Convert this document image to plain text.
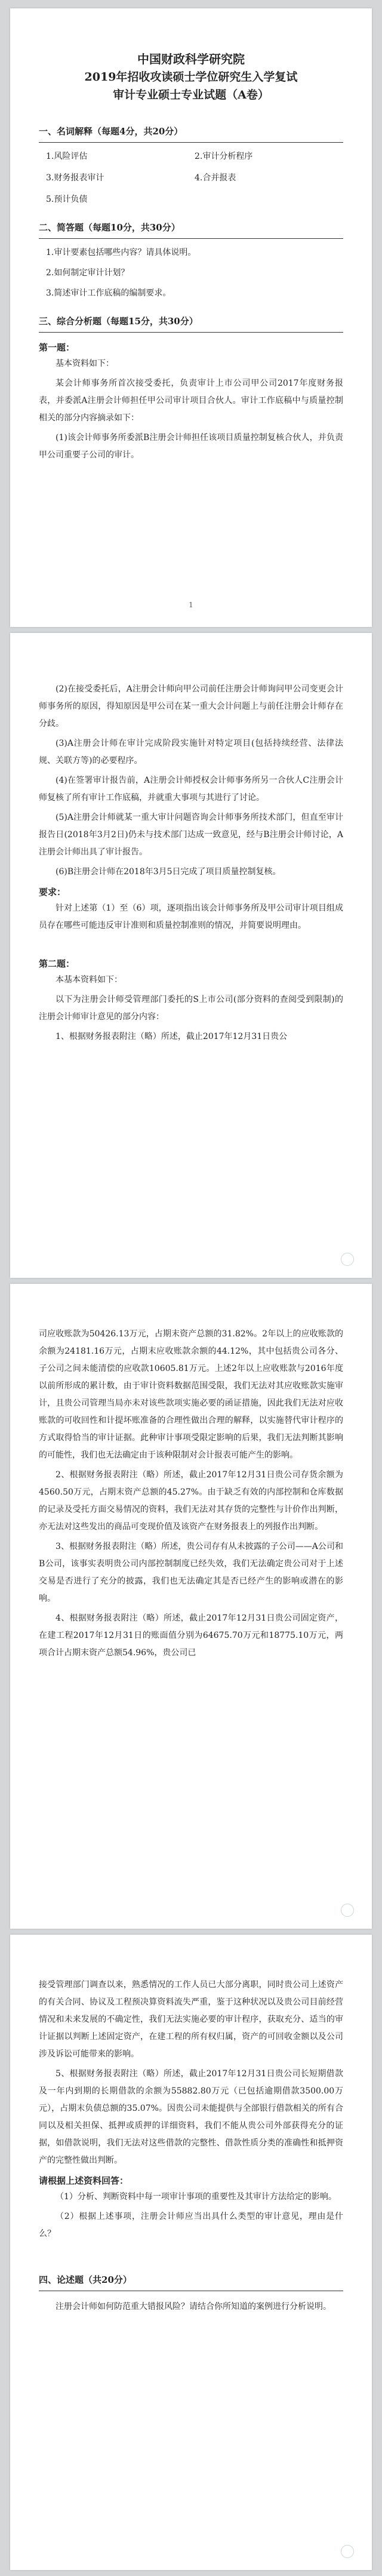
中国财政科学研究院
2019年招收攻读硕士学位研究生入学复试
审计专业硕士专业试题（A卷）
一、名词解释（每题4分，共20分）
1.风险评估	2.审计分析程序
3.财务报表审计	4.合并报表
5.预计负债
二、简答题（每题10分，共30分）
1.审计要素包括哪些内容？请具体说明。
2.如何制定审计计划？
3.简述审计工作底稿的编制要求。
三、综合分析题（每题15分，共30分）
第一题：

基本资料如下：

某会计师事务所首次接受委托，负责审计上市公司甲公司2017年度财务报表，并委派A注册会计师担任甲公司审计项目合伙人。审计工作底稿中与质量控制相关的部分内容摘录如下：

(1)该会计师事务所委派B注册会计师担任该项目质量控制复核合伙人，并负责甲公司重要子公司的审计。

1

(2)在接受委托后，A注册会计师向甲公司前任注册会计师询问甲公司变更会计师事务所的原因，得知原因是甲公司在某一重大会计问题上与前任注册会计师存在分歧。

(3)A注册会计师在审计完成阶段实施针对特定项目(包括持续经营、法律法规、关联方等)的必要程序。

(4)在签署审计报告前，A注册会计师授权会计师事务所另一合伙人C注册会计师复核了所有审计工作底稿，并就重大事项与其进行了讨论。

(5)A注册会计师就某一重大审计问题咨询会计师事务所技术部门，但直至审计报告日(2018年3月2日)仍未与技术部门达成一致意见，经与B注册会计师讨论，A注册会计师出具了审计报告。

(6)B注册会计师在2018年3月5日完成了项目质量控制复核。

要求：

针对上述第（1）至（6）项，逐项指出该会计师事务所及甲公司审计项目组成员存在哪些可能违反审计准则和质量控制准则的情况，并简要说明理由。

第二题：

本基本资料如下：

以下为注册会计师受管理部门委托的S上市公司(部分资料的查阅受到限制)的注册会计师审计意见的部分内容：

1、根据财务报表附注（略）所述，截止2017年12月31日贵公

司应收账款为50426.13万元，占期末资产总额的31.82%。2年以上的应收账款的余额为24181.16万元，占期末应收账款余额的44.12%，其中包括贵公司各分、子公司之间未能清偿的应收款10605.81万元。上述2年以上应收账款与2016年度以前所形成的累计数，由于审计资料数据范围受限，我们无法对其应收账款实施审计，且贵公司管理当局亦未对该些款项实施必要的函证措施，因此我们无法对应收账款的可收回性和计提坏账准备的合理性做出合理的解释，以实施替代审计程序的方式取得恰当的审计证据。此种审计事项受限定影响的后果，我们无法判断其影响的可能性，我们也无法确定由于该种限制对会计报表可能产生的影响。

2、根据财务报表附注（略）所述，截止2017年12月31日贵公司存货余额为4560.50万元，占期末资产总额的45.27%。由于缺乏有效的内部控制和仓库数据的记录及受托方面交易情况的资料，我们无法对其存货的完整性与计价作出判断，亦无法对这些发出的商品可变现价值及该资产在财务报表上的列报作出判断。

3、根据财务报表附注（略）所述，贵公司存有从未披露的子公司——A公司和B公司，该事实表明贵公司内部控制制度已经失效，我们无法确定贵公司对于上述交易是否进行了充分的披露，我们也无法确定其是否已经产生的影响或潜在的影响。

4、根据财务报表附注（略）所述，截止2017年12月31日贵公司固定资产，在建工程2017年12月31日的账面值分别为64675.70万元和18775.10万元，两项合计占期末资产总额54.96%，贵公司已

接受管理部门调查以来，熟悉情况的工作人员已大部分离职，同时贵公司上述资产的有关合同、协议及工程预决算资料流失严重，鉴于这种状况以及贵公司目前经营情况和未来发展的不确定性，我们无法实施必要的审计程序，获取充分、适当的审计证据以判断上述固定资产，在建工程的所有权归属，资产的可回收金额以及公司涉及诉讼可能带来的影响。

5、根据财务报表附注（略）所述，截止2017年12月31日贵公司长短期借款及一年内到期的长期借款的余额为55882.80万元（已包括逾期借款3500.00万元），占期末负债总额的35.07%。因贵公司未能提供与全部银行借款相关的所有合同以及相关担保、抵押或质押的详细资料，我们不能从贵公司外部获得充分的证据，如借款说明，我们无法对这些借款的完整性、借款性质分类的准确性和抵押资产的完整性做出判断。

请根据上述资料回答：

（1）分析、判断资料中每一项审计事项的重要性及其审计方法给定的影响。

（2）根据上述事项，注册会计师应当出具什么类型的审计意见，理由是什么？

四、论述题（共20分）

注册会计师如何防范重大错报风险？请结合你所知道的案例进行分析说明。
